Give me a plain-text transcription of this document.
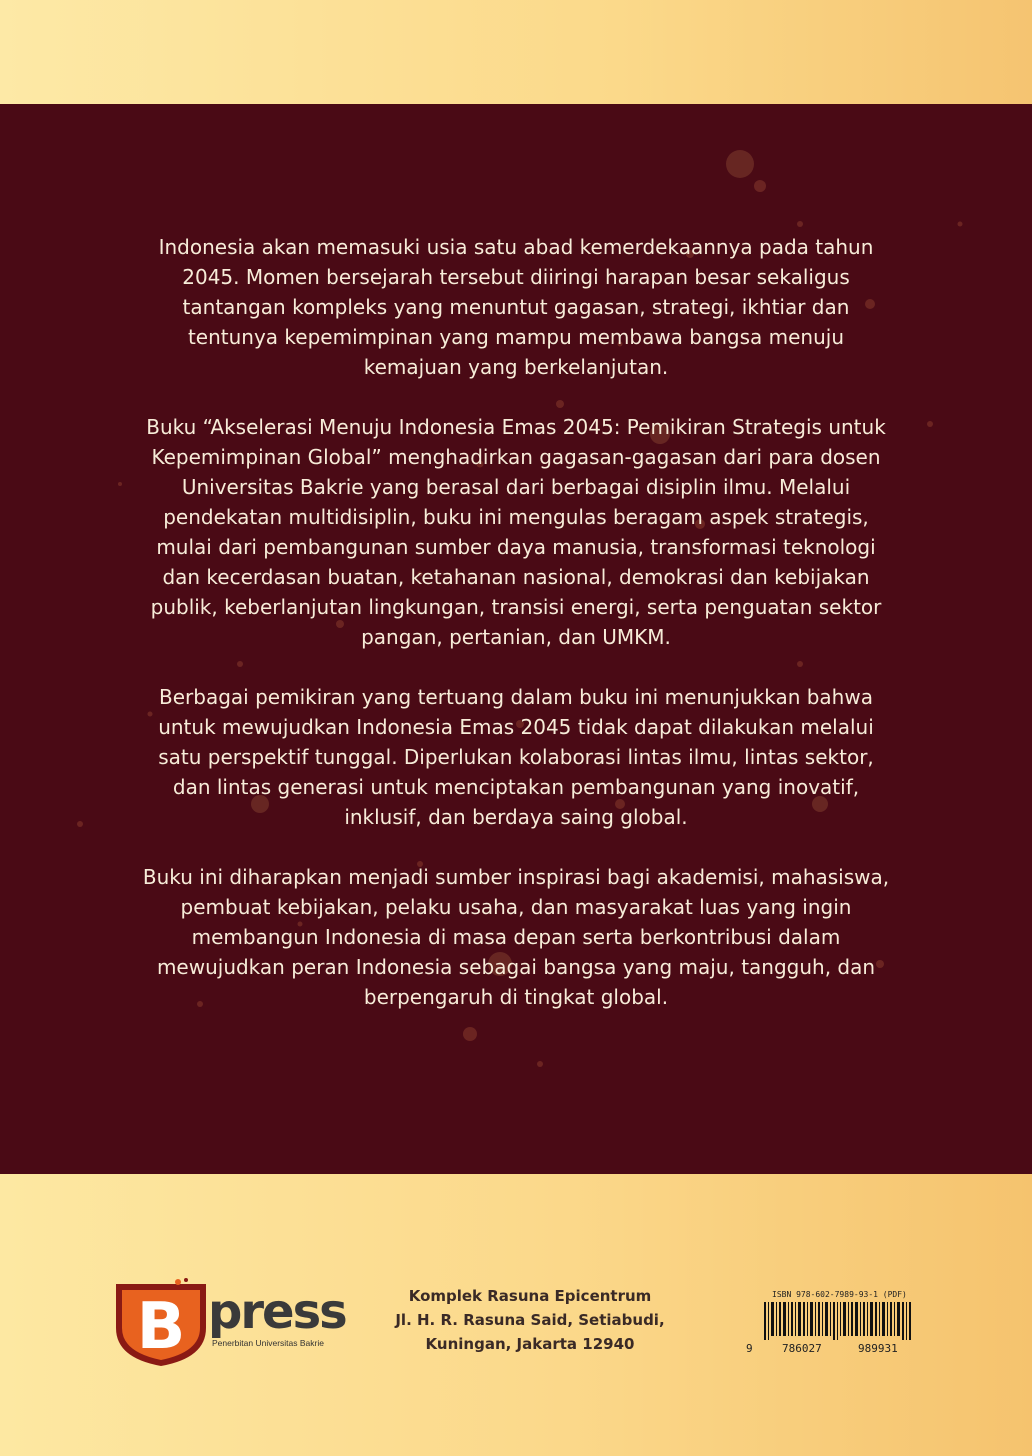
Indonesia akan memasuki usia satu abad kemerdekaannya pada tahun 2045. Momen bersejarah tersebut diiringi harapan besar sekaligus tantangan kompleks yang menuntut gagasan, strategi, ikhtiar dan tentunya kepemimpinan yang mampu membawa bangsa menuju kemajuan yang berkelanjutan.

Buku “Akselerasi Menuju Indonesia Emas 2045: Pemikiran Strategis untuk Kepemimpinan Global” menghadirkan gagasan-gagasan dari para dosen Universitas Bakrie yang berasal dari berbagai disiplin ilmu. Melalui pendekatan multidisiplin, buku ini mengulas beragam aspek strategis, mulai dari pembangunan sumber daya manusia, transformasi teknologi dan kecerdasan buatan, ketahanan nasional, demokrasi dan kebijakan publik, keberlanjutan lingkungan, transisi energi, serta penguatan sektor pangan, pertanian, dan UMKM.

Berbagai pemikiran yang tertuang dalam buku ini menunjukkan bahwa untuk mewujudkan Indonesia Emas 2045 tidak dapat dilakukan melalui satu perspektif tunggal. Diperlukan kolaborasi lintas ilmu, lintas sektor, dan lintas generasi untuk menciptakan pembangunan yang inovatif, inklusif, dan berdaya saing global.

Buku ini diharapkan menjadi sumber inspirasi bagi akademisi, mahasiswa, pembuat kebijakan, pelaku usaha, dan masyarakat luas yang ingin membangun Indonesia di masa depan serta berkontribusi dalam mewujudkan peran Indonesia sebagai bangsa yang maju, tangguh, dan berpengaruh di tingkat global.

B press
Penerbitan Universitas Bakrie
Komplek Rasuna Epicentrum
Jl. H. R. Rasuna Said, Setiabudi,
Kuningan, Jakarta 12940
ISBN 978-602-7989-93-1 (PDF)
9	786027	989931
